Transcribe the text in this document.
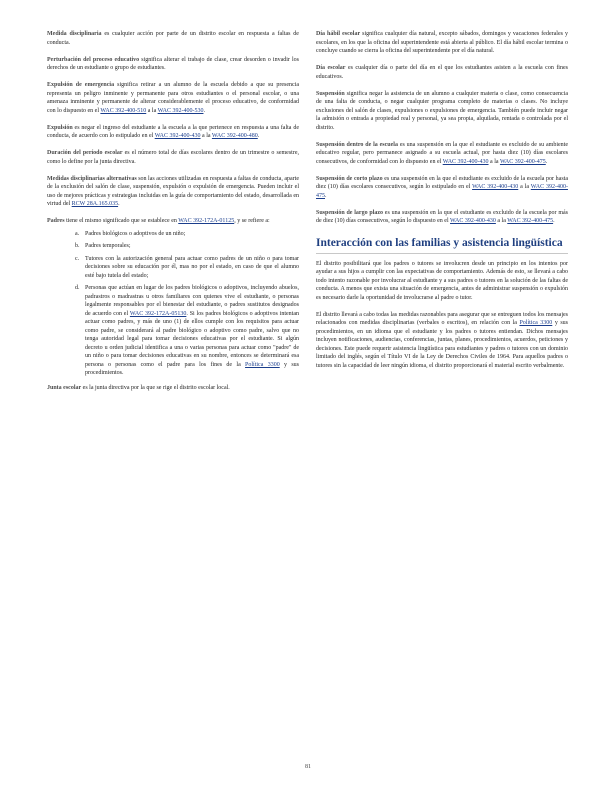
Medida disciplinaria es cualquier acción por parte de un distrito escolar en respuesta a faltas de conducta.

Perturbación del proceso educativo significa alterar el trabajo de clase, crear desorden o invadir los derechos de un estudiante o grupo de estudiantes.

Expulsión de emergencia significa retirar a un alumno de la escuela debido a que su presencia representa un peligro inminente y permanente para otros estudiantes o el personal escolar, o una amenaza inminente y permanente de alterar considerablemente el proceso educativo, de conformidad con lo dispuesto en el WAC 392-400-510 a la WAC 392-400-530.

Expulsión es negar el ingreso del estudiante a la escuela a la que pertenece en respuesta a una falta de conducta, de acuerdo con lo estipulado en el WAC 392-400-430 a la WAC 392-400-480.

Duración del período escolar es el número total de días escolares dentro de un trimestre o semestre, como lo define por la junta directiva.

Medidas disciplinarias alternativas son las acciones utilizadas en respuesta a faltas de conducta, aparte de la exclusión del salón de clase, suspensión, expulsión o expulsión de emergencia. Pueden incluir el uso de mejores prácticas y estrategias incluidas en la guía de comportamiento del estado, desarrollada en virtud del RCW 28A.165.035.

Padres tiene el mismo significado que se establece en WAC 392-172A-01125, y se refiere a:

a. Padres biológicos o adoptivos de un niño;
b. Padres temporales;
c. Tutores con la autorización general para actuar como padres de un niño o para tomar decisiones sobre su educación por él, mas no por el estado, en caso de que el alumno esté bajo tutela del estado;
d. Personas que actúan en lugar de los padres biológicos o adoptivos, incluyendo abuelos, padrastros o madrastras u otros familiares con quienes vive el estudiante, o personas legalmente responsables por el bienestar del estudiante, o padres sustitutos designados de acuerdo con el WAC 392-172A-05130. Si los padres biológicos o adoptivos intentan actuar como padres, y más de uno (1) de ellos cumple con los requisitos para actuar como padre, se considerará al padre biológico o adoptivo como padre, salvo que no tenga autoridad legal para tomar decisiones educativas por el estudiante. Si algún decreto u orden judicial identifica a una o varias personas para actuar como "padre" de un niño o para tomar decisiones educativas en su nombre, entonces se determinará esa persona o personas como el padre para los fines de la Política 3300 y sus procedimientos.

Junta escolar es la junta directiva por la que se rige el distrito escolar local.

Día hábil escolar significa cualquier día natural, excepto sábados, domingos y vacaciones federales y escolares, en los que la oficina del superintendente está abierta al público. El día hábil escolar termina o concluye cuando se cierra la oficina del superintendente por el día natural.

Día escolar es cualquier día o parte del día en el que los estudiantes asisten a la escuela con fines educativos.

Suspensión significa negar la asistencia de un alumno a cualquier materia o clase, como consecuencia de una falta de conducta, o negar cualquier programa completo de materias o clases. No incluye exclusiones del salón de clases, expulsiones o expulsiones de emergencia. También puede incluir negar la admisión o entrada a propiedad real y personal, ya sea propia, alquilada, rentada o controlada por el distrito.

Suspensión dentro de la escuela es una suspensión en la que el estudiante es excluido de su ambiente educativo regular, pero permanece asignado a su escuela actual, por hasta diez (10) días escolares consecutivos, de conformidad con lo dispuesto en el WAC 392-400-430 a la WAC 392-400-475.

Suspensión de corto plazo es una suspensión en la que el estudiante es excluido de la escuela por hasta diez (10) días escolares consecutivos, según lo estipulado en el WAC 392-400-430 a la WAC 392-400-475.

Suspensión de largo plazo es una suspensión en la que el estudiante es excluido de la escuela por más de diez (10) días consecutivos, según lo dispuesto en el WAC 392-400-430 a la WAC 392-400-475.

Interacción con las familias y asistencia lingüística

El distrito posibilitará que los padres o tutores se involucren desde un principio en los intentos por ayudar a sus hijos a cumplir con las expectativas de comportamiento. Además de esto, se llevará a cabo todo intento razonable por involucrar al estudiante y a sus padres o tutores en la solución de las faltas de conducta. A menos que exista una situación de emergencia, antes de administrar suspensión o expulsión es necesario darle la oportunidad de involucrarse al padre o tutor.

El distrito llevará a cabo todas las medidas razonables para asegurar que se entreguen todos los mensajes relacionados con medidas disciplinarias (verbales o escritos), en relación con la Política 3300 y sus procedimientos, en un idioma que el estudiante y los padres o tutores entiendan. Dichos mensajes incluyen notificaciones, audiencias, conferencias, juntas, planes, procedimientos, acuerdos, peticiones y decisiones. Este puede requerir asistencia lingüística para estudiantes y padres o tutores con un dominio limitado del inglés, según el Título VI de la Ley de Derechos Civiles de 1964. Para aquellos padres o tutores sin la capacidad de leer ningún idioma, el distrito proporcionará el material escrito verbalmente.

81
